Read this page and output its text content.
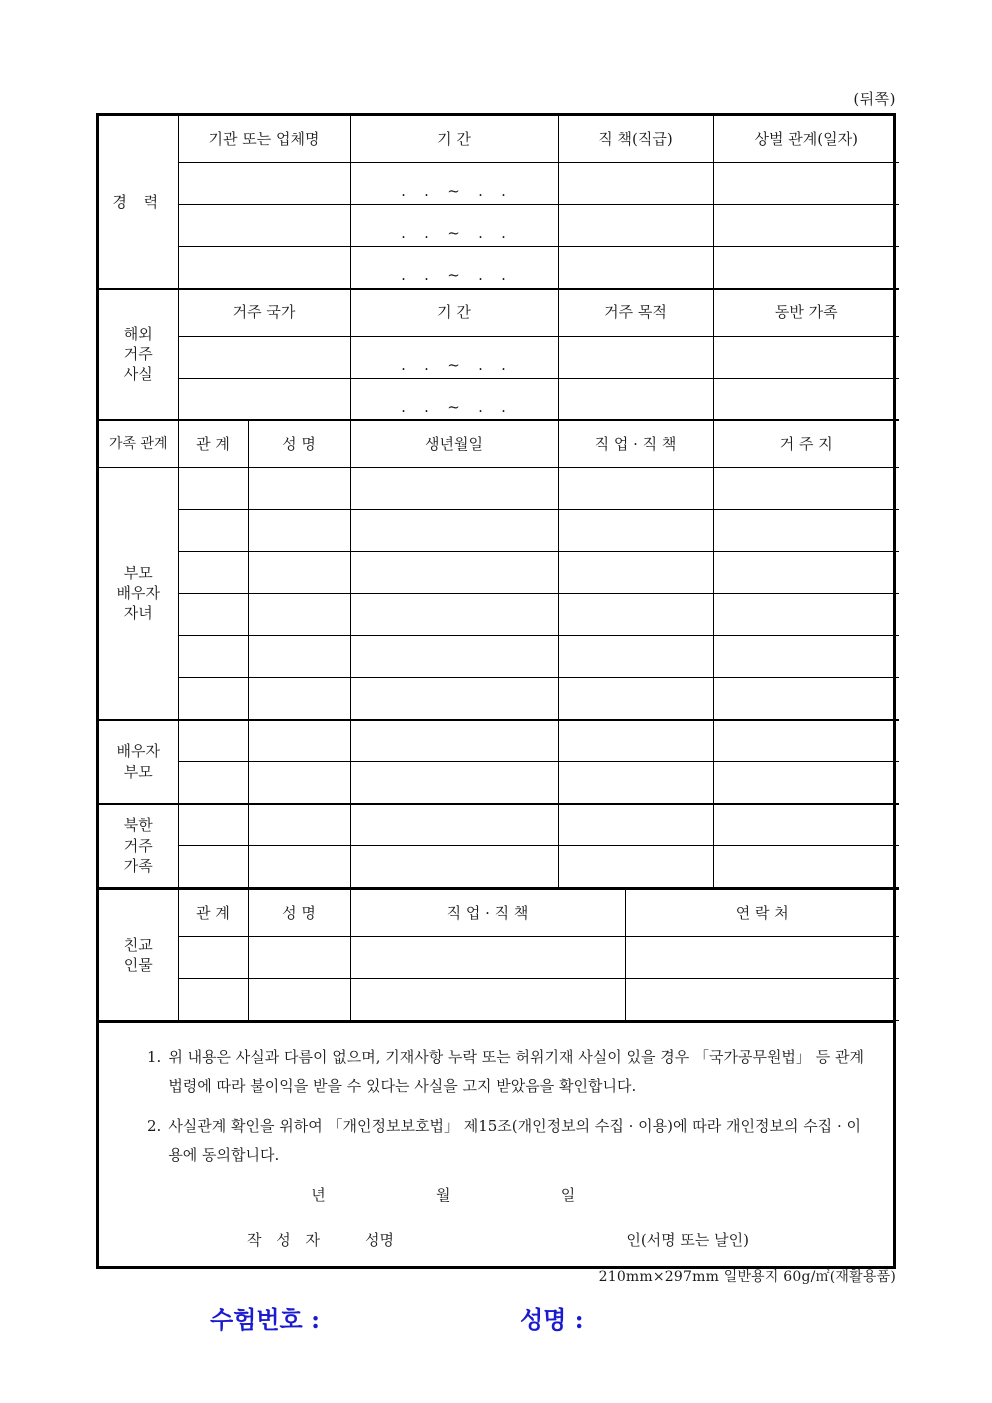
(뒤쪽)
경 력	기관 또는 업체명		기 간	직 책(직급)	상벌 관계(일자)

			.   .   ~   .   .		

			.   .   ~   .   .		

			.   .   ~   .   .		

해외
거주
사실	거주 국가		기 간	거주 목적	동반 가족

			.   .   ~   .   .		

			.   .   ~   .   .		

가족 관계	관 계	성 명	생년월일	직 업 · 직 책	거 주 지

부모
배우자
자녀					

배우자
부모					

북한
거주
가족					

친교
인물	관 계	성 명	직 업 · 직 책	연 락 처

1. 위 내용은 사실과 다름이 없으며, 기재사항 누락 또는 허위기재 사실이 있을 경우 「국가공무원법」 등 관계법령에 따라 불이익을 받을 수 있다는 사실을 고지 받았음을 확인합니다.
2. 사실관계 확인을 위하여 「개인정보보호법」 제15조(개인정보의 수집 · 이용)에 따라 개인정보의 수집 · 이용에 동의합니다.
년	월	일
작 성 자	성명	인(서명 또는 날인)
210mm×297mm 일반용지 60g/㎡(재활용품)
수험번호 :	성명 :
